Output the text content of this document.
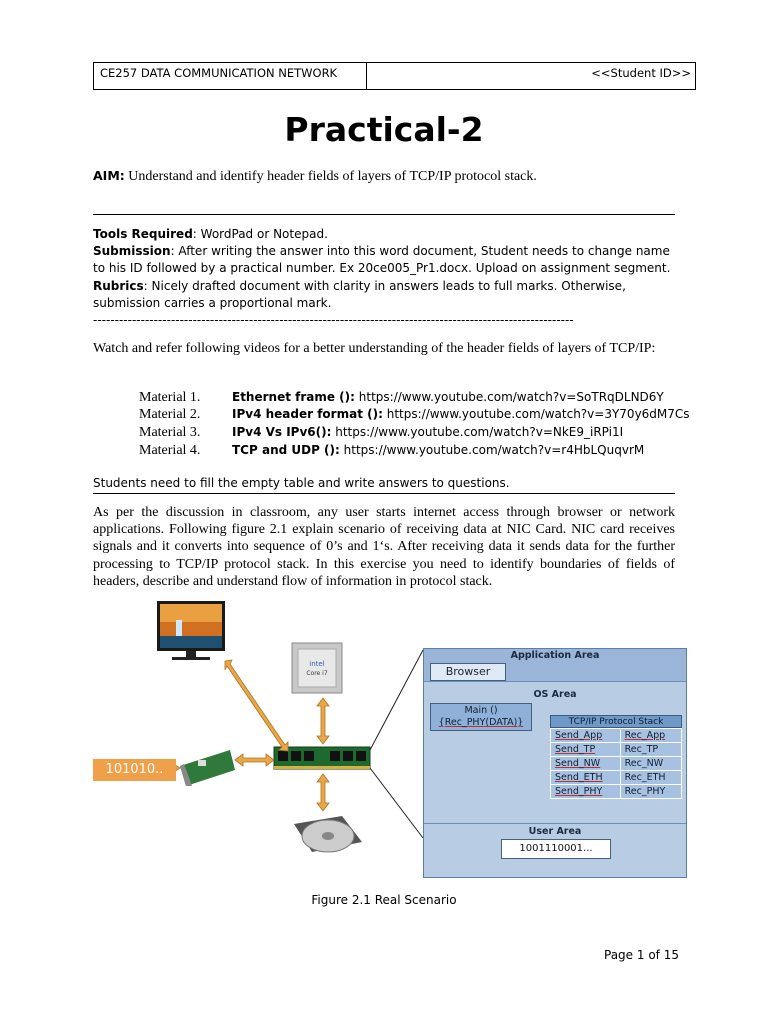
CE257 DATA COMMUNICATION NETWORK	<<Student ID>>
Practical-2
AIM: Understand and identify header fields of layers of TCP/IP protocol stack.
Tools Required: WordPad or Notepad.
Submission: After writing the answer into this word document, Student needs to change name to his ID followed by a practical number. Ex 20ce005_Pr1.docx. Upload on assignment segment.
Rubrics: Nicely drafted document with clarity in answers leads to full marks. Otherwise, submission carries a proportional mark.
---------------------------------------------------------------------------------------------------------------
Watch and refer following videos for a better understanding of the header fields of layers of TCP/IP:
Material 1.	Ethernet frame (): https://www.youtube.com/watch?v=SoTRqDLND6Y
Material 2.	IPv4 header format (): https://www.youtube.com/watch?v=3Y70y6dM7Cs
Material 3.	IPv4 Vs IPv6(): https://www.youtube.com/watch?v=NkE9_iRPi1I
Material 4.	TCP and UDP (): https://www.youtube.com/watch?v=r4HbLQuqvrM
Students need to fill the empty table and write answers to questions.
As per the discussion in classroom, any user starts internet access through browser or network applications. Following figure 2.1 explain scenario of receiving data at NIC Card. NIC card receives signals and it converts into sequence of 0’s and 1‘s. After receiving data it sends data for the further processing to TCP/IP protocol stack. In this exercise you need to identify boundaries of fields of headers, describe and understand flow of information in protocol stack.
intel
Core i7
101010..
Application Area
Browser
OS Area
Main ()
{Rec_PHY(DATA)}	TCP/IP Protocol Stack
Send_App	Rec_App
Send_TP	Rec_TP
Send_NW	Rec_NW
Send_ETH	Rec_ETH
Send_PHY	Rec_PHY
User Area
1001110001...
Figure 2.1 Real Scenario
Page 1 of 15
